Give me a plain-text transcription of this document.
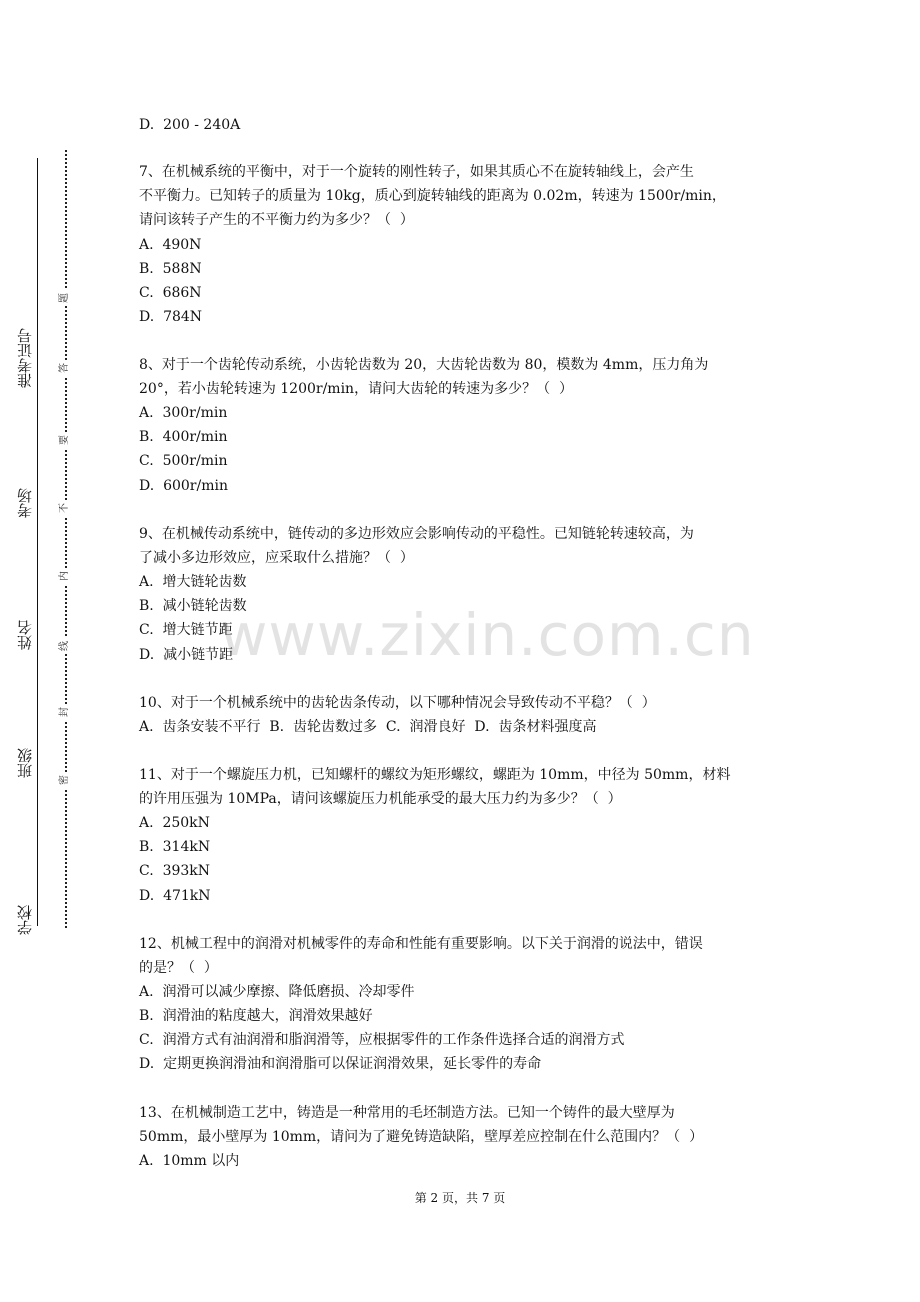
学校
班级
姓名
考场
准考证号
密
封
线
内
不
要
答
题
www.zixin.com.cn
D.  200 - 240A
7、在机械系统的平衡中，对于一个旋转的刚性转子，如果其质心不在旋转轴线上，会产生
不平衡力。已知转子的质量为 10kg，质心到旋转轴线的距离为 0.02m，转速为 1500r/min，
请问该转子产生的不平衡力约为多少？（  ）
A.  490N
B.  588N
C.  686N
D.  784N
8、对于一个齿轮传动系统，小齿轮齿数为 20，大齿轮齿数为 80，模数为 4mm，压力角为
20°，若小齿轮转速为 1200r/min，请问大齿轮的转速为多少？（  ）
A.  300r/min
B.  400r/min
C.  500r/min
D.  600r/min
9、在机械传动系统中，链传动的多边形效应会影响传动的平稳性。已知链轮转速较高，为
了减小多边形效应，应采取什么措施？（  ）
A.  增大链轮齿数
B.  减小链轮齿数
C.  增大链节距
D.  减小链节距
10、对于一个机械系统中的齿轮齿条传动，以下哪种情况会导致传动不平稳？（  ）
A.  齿条安装不平行  B.  齿轮齿数过多  C.  润滑良好  D.  齿条材料强度高
11、对于一个螺旋压力机，已知螺杆的螺纹为矩形螺纹，螺距为 10mm，中径为 50mm，材料
的许用压强为 10MPa，请问该螺旋压力机能承受的最大压力约为多少？（  ）
A.  250kN
B.  314kN
C.  393kN
D.  471kN
12、机械工程中的润滑对机械零件的寿命和性能有重要影响。以下关于润滑的说法中，错误
的是？（  ）
A.  润滑可以减少摩擦、降低磨损、冷却零件
B.  润滑油的粘度越大，润滑效果越好
C.  润滑方式有油润滑和脂润滑等，应根据零件的工作条件选择合适的润滑方式
D.  定期更换润滑油和润滑脂可以保证润滑效果，延长零件的寿命
13、在机械制造工艺中，铸造是一种常用的毛坯制造方法。已知一个铸件的最大壁厚为
50mm，最小壁厚为 10mm，请问为了避免铸造缺陷，壁厚差应控制在什么范围内？（  ）
A.  10mm 以内
第 2 页，共 7 页
